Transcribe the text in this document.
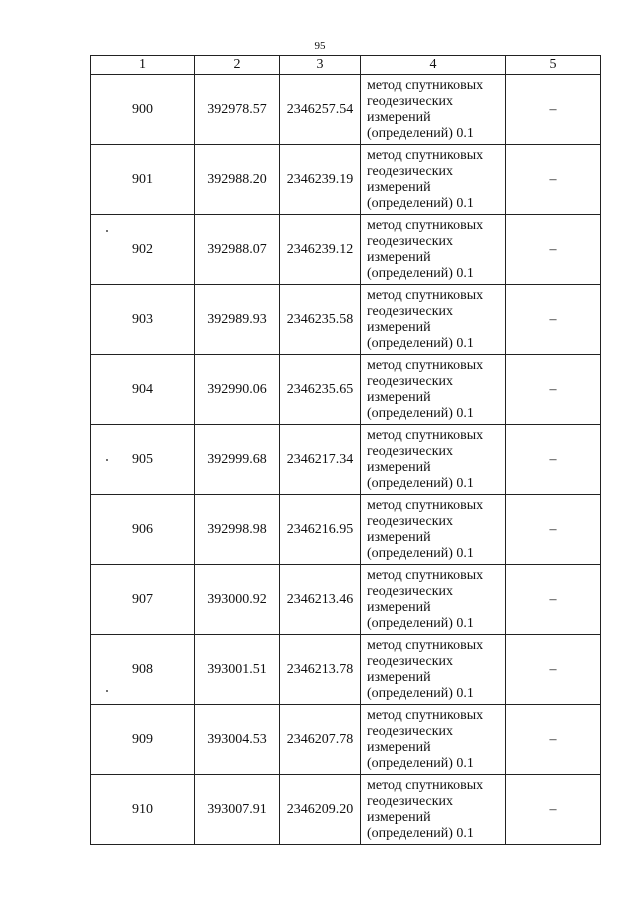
95
1	2	3	4	5
900	392978.57	2346257.54	метод спутниковых
геодезических
измерений
(определений) 0.1	–
901	392988.20	2346239.19	метод спутниковых
геодезических
измерений
(определений) 0.1	–
902	392988.07	2346239.12	метод спутниковых
геодезических
измерений
(определений) 0.1	–
903	392989.93	2346235.58	метод спутниковых
геодезических
измерений
(определений) 0.1	–
904	392990.06	2346235.65	метод спутниковых
геодезических
измерений
(определений) 0.1	–
905	392999.68	2346217.34	метод спутниковых
геодезических
измерений
(определений) 0.1	–
906	392998.98	2346216.95	метод спутниковых
геодезических
измерений
(определений) 0.1	–
907	393000.92	2346213.46	метод спутниковых
геодезических
измерений
(определений) 0.1	–
908	393001.51	2346213.78	метод спутниковых
геодезических
измерений
(определений) 0.1	–
909	393004.53	2346207.78	метод спутниковых
геодезических
измерений
(определений) 0.1	–
910	393007.91	2346209.20	метод спутниковых
геодезических
измерений
(определений) 0.1	–
